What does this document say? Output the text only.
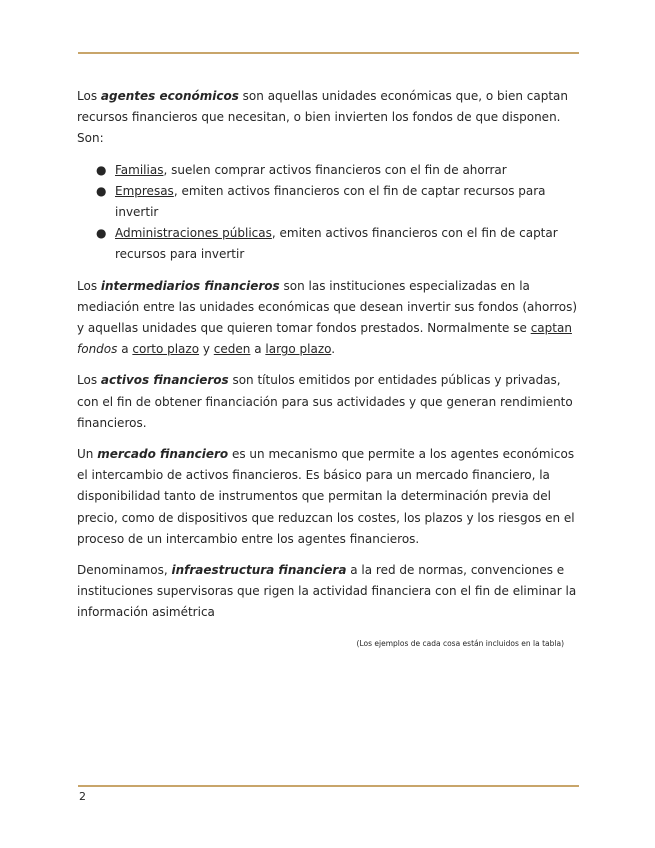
Los agentes económicos son aquellas unidades económicas que, o bien captan recursos financieros que necesitan, o bien invierten los fondos de que disponen. Son:

● Familias, suelen comprar activos financieros con el fin de ahorrar
● Empresas, emiten activos financieros con el fin de captar recursos para invertir
● Administraciones públicas, emiten activos financieros con el fin de captar recursos para invertir

Los intermediarios financieros son las instituciones especializadas en la mediación entre las unidades económicas que desean invertir sus fondos (ahorros) y aquellas unidades que quieren tomar fondos prestados. Normalmente se captan fondos a corto plazo y ceden a largo plazo.

Los activos financieros son títulos emitidos por entidades públicas y privadas, con el fin de obtener financiación para sus actividades y que generan rendimiento financieros.

Un mercado financiero es un mecanismo que permite a los agentes económicos el intercambio de activos financieros. Es básico para un mercado financiero, la disponibilidad tanto de instrumentos que permitan la determinación previa del precio, como de dispositivos que reduzcan los costes, los plazos y los riesgos en el proceso de un intercambio entre los agentes financieros.

Denominamos, infraestructura financiera a la red de normas, convenciones e instituciones supervisoras que rigen la actividad financiera con el fin de eliminar la información asimétrica

(Los ejemplos de cada cosa están incluidos en la tabla)
2
